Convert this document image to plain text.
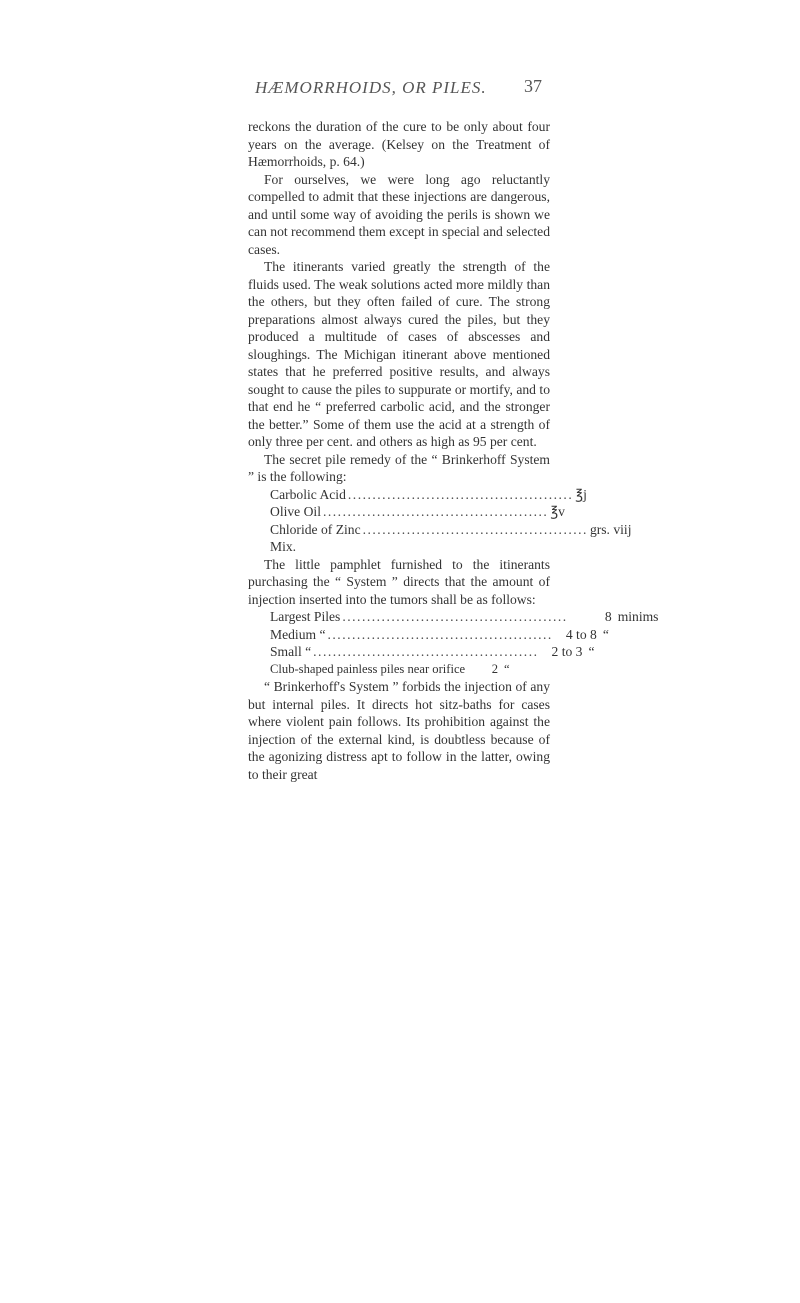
HÆMORRHOIDS, OR PILES. 37

reckons the duration of the cure to be only about four years on the average. (Kelsey on the Treatment of Hæmorrhoids, p. 64.)

For ourselves, we were long ago reluctantly compelled to admit that these injections are dangerous, and until some way of avoiding the perils is shown we can not recommend them except in special and selected cases.

The itinerants varied greatly the strength of the fluids used. The weak solutions acted more mildly than the others, but they often failed of cure. The strong preparations almost always cured the piles, but they produced a multitude of cases of abscesses and sloughings. The Michigan itinerant above mentioned states that he preferred positive results, and always sought to cause the piles to suppurate or mortify, and to that end he “ preferred carbolic acid, and the stronger the better.” Some of them use the acid at a strength of only three per cent. and others as high as 95 per cent.

The secret pile remedy of the “ Brinkerhoff System ” is the following:

Carbolic Acid .............................................. ℥j
Olive Oil .............................................. ℥v
Chloride of Zinc .............................................. grs. viij
Mix.

The little pamphlet furnished to the itinerants purchasing the “ System ” directs that the amount of injection inserted into the tumors shall be as follows:

Largest Piles ..............................................	8 minims
Medium “ .............................................. 4 to 8 “
Small “ .............................................. 2 to 3 “
Club-shaped painless piles near orifice	2 “

“ Brinkerhoff's System ” forbids the injection of any but internal piles. It directs hot sitz-baths for cases where violent pain follows. Its prohibition against the injection of the external kind, is doubtless because of the agonizing distress apt to follow in the latter, owing to their great
